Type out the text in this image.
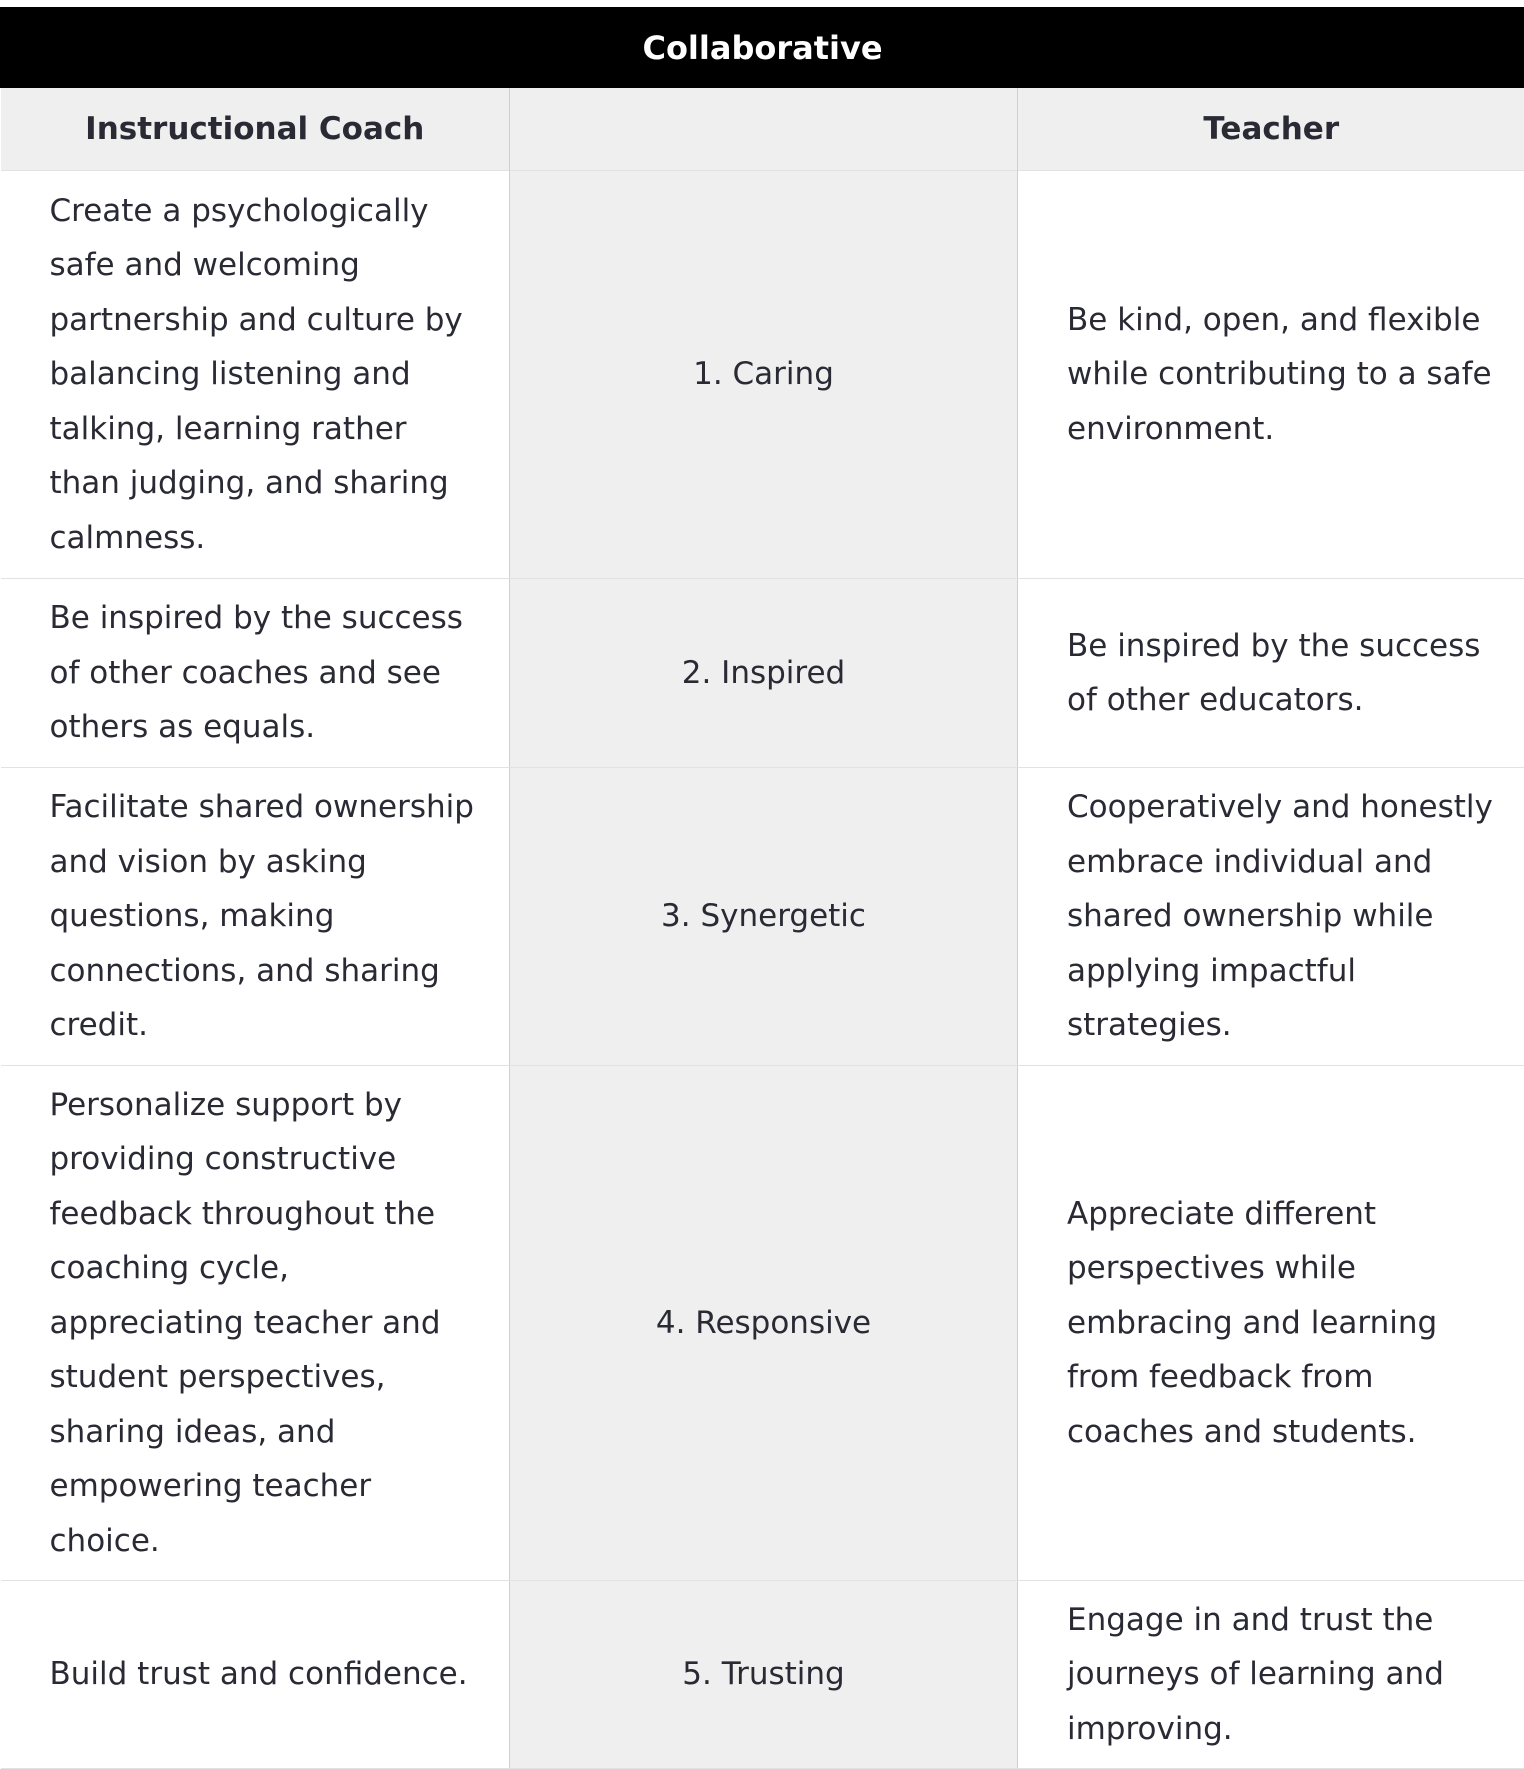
Collaborative		
Instructional Coach		Teacher
Create a psychologically safe and welcoming partnership and culture by balancing listening and talking, learning rather than judging, and sharing calmness.	1. Caring	Be kind, open, and flexible while contributing to a safe environment.
Be inspired by the success of other coaches and see others as equals.	2. Inspired	Be inspired by the success of other educators.
Facilitate shared ownership and vision by asking questions, making connections, and sharing credit.	3. Synergetic	Cooperatively and honestly embrace individual and shared ownership while applying impactful strategies.
Personalize support by providing constructive feedback throughout the coaching cycle, appreciating teacher and student perspectives, sharing ideas, and empowering teacher choice.	4. Responsive	Appreciate different perspectives while embracing and learning from feedback from coaches and students.
Build trust and confidence.	5. Trusting	Engage in and trust the journeys of learning and improving.
